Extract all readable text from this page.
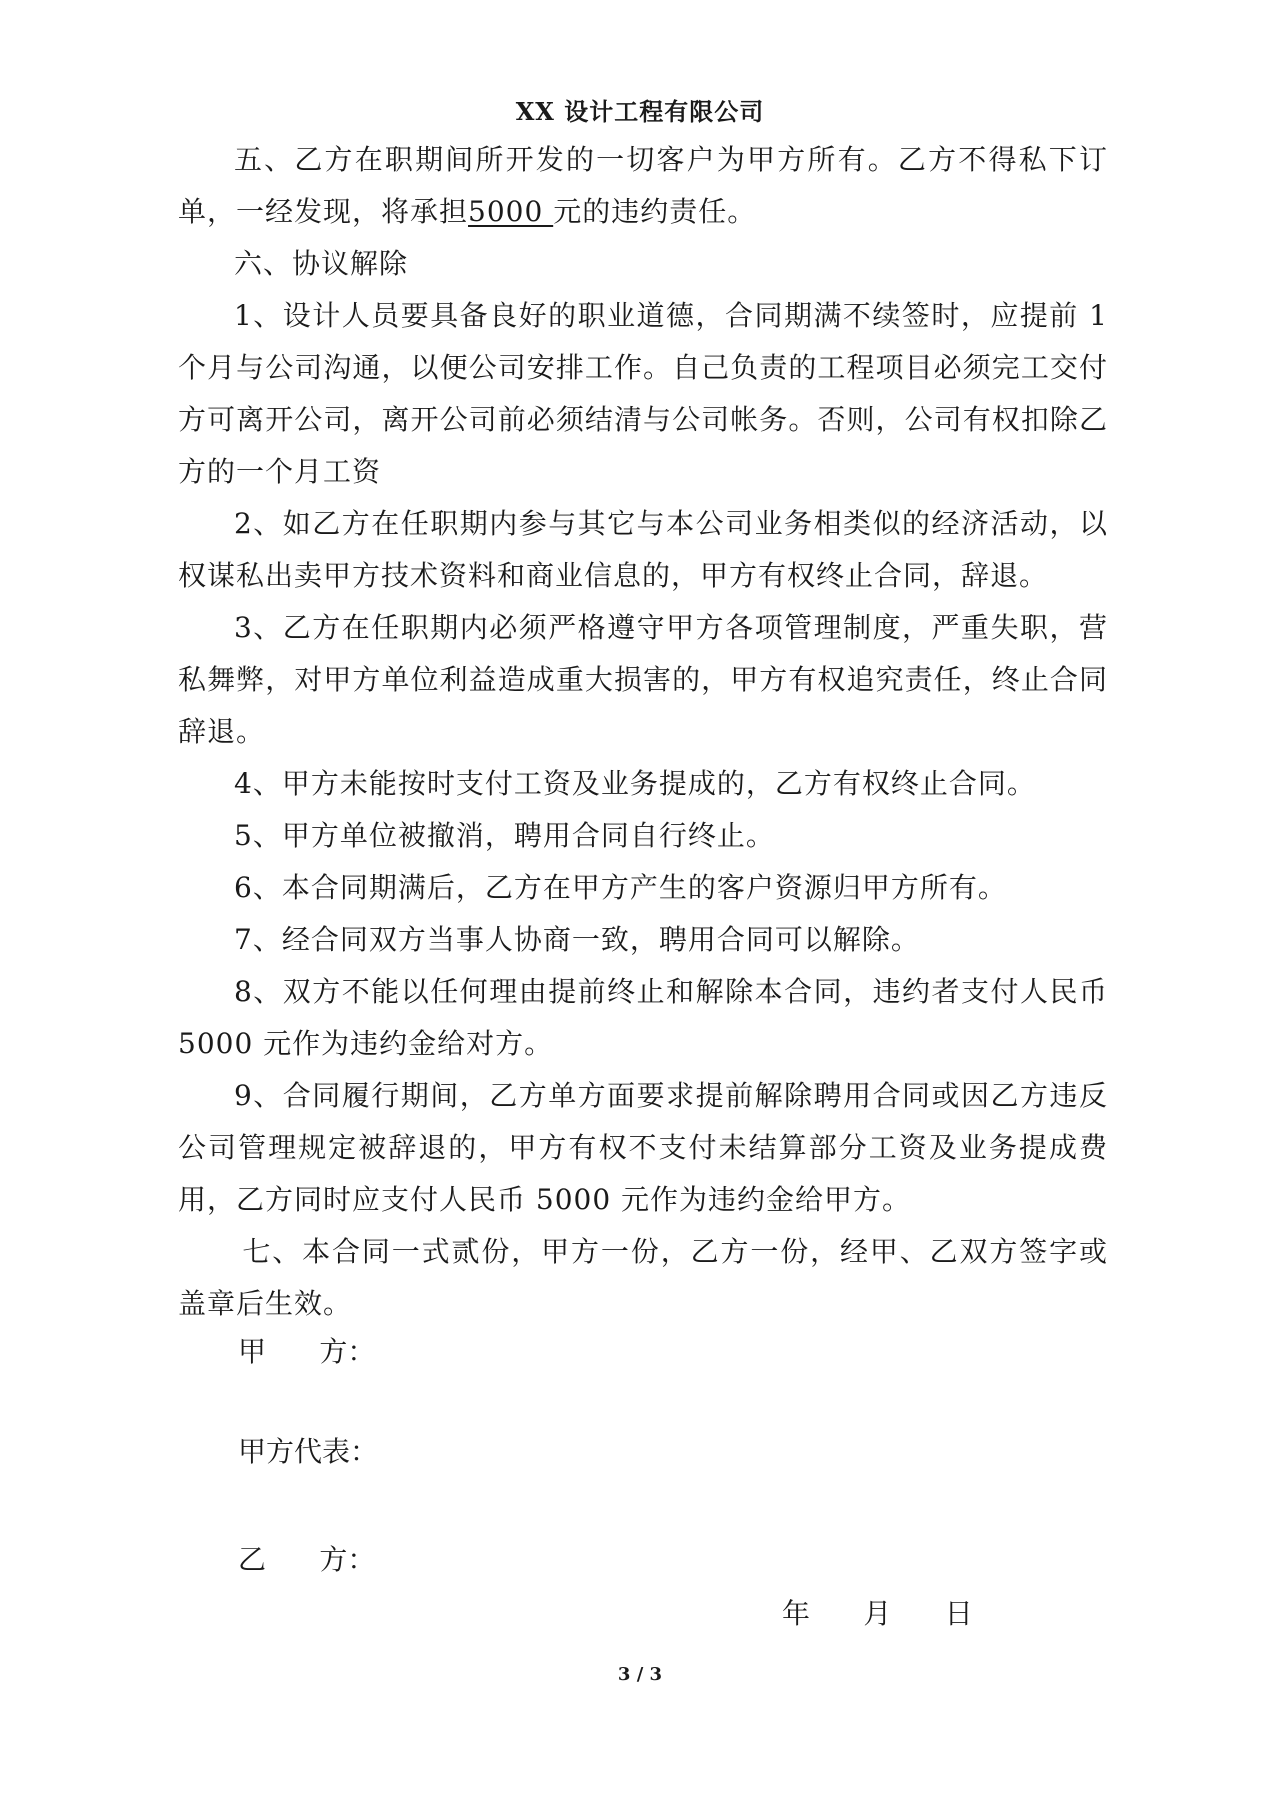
XX 设计工程有限公司

五、乙方在职期间所开发的一切客户为甲方所有。乙方不得私下订单，一经发现，将承担5000 元的违约责任。

六、协议解除

1、设计人员要具备良好的职业道德，合同期满不续签时，应提前 1 个月与公司沟通，以便公司安排工作。自己负责的工程项目必须完工交付方可离开公司，离开公司前必须结清与公司帐务。否则，公司有权扣除乙方的一个月工资

2、如乙方在任职期内参与其它与本公司业务相类似的经济活动，以权谋私出卖甲方技术资料和商业信息的，甲方有权终止合同，辞退。

3、乙方在任职期内必须严格遵守甲方各项管理制度，严重失职，营私舞弊，对甲方单位利益造成重大损害的，甲方有权追究责任，终止合同辞退。

4、甲方未能按时支付工资及业务提成的，乙方有权终止合同。

5、甲方单位被撤消，聘用合同自行终止。

6、本合同期满后，乙方在甲方产生的客户资源归甲方所有。

7、经合同双方当事人协商一致，聘用合同可以解除。

8、双方不能以任何理由提前终止和解除本合同，违约者支付人民币 5000 元作为违约金给对方。

9、合同履行期间，乙方单方面要求提前解除聘用合同或因乙方违反公司管理规定被辞退的，甲方有权不支付未结算部分工资及业务提成费用，乙方同时应支付人民币 5000 元作为违约金给甲方。

七、本合同一式贰份，甲方一份，乙方一份，经甲、乙双方签字或盖章后生效。

甲      方：
甲方代表：
乙      方：
年      月      日
3 / 3
